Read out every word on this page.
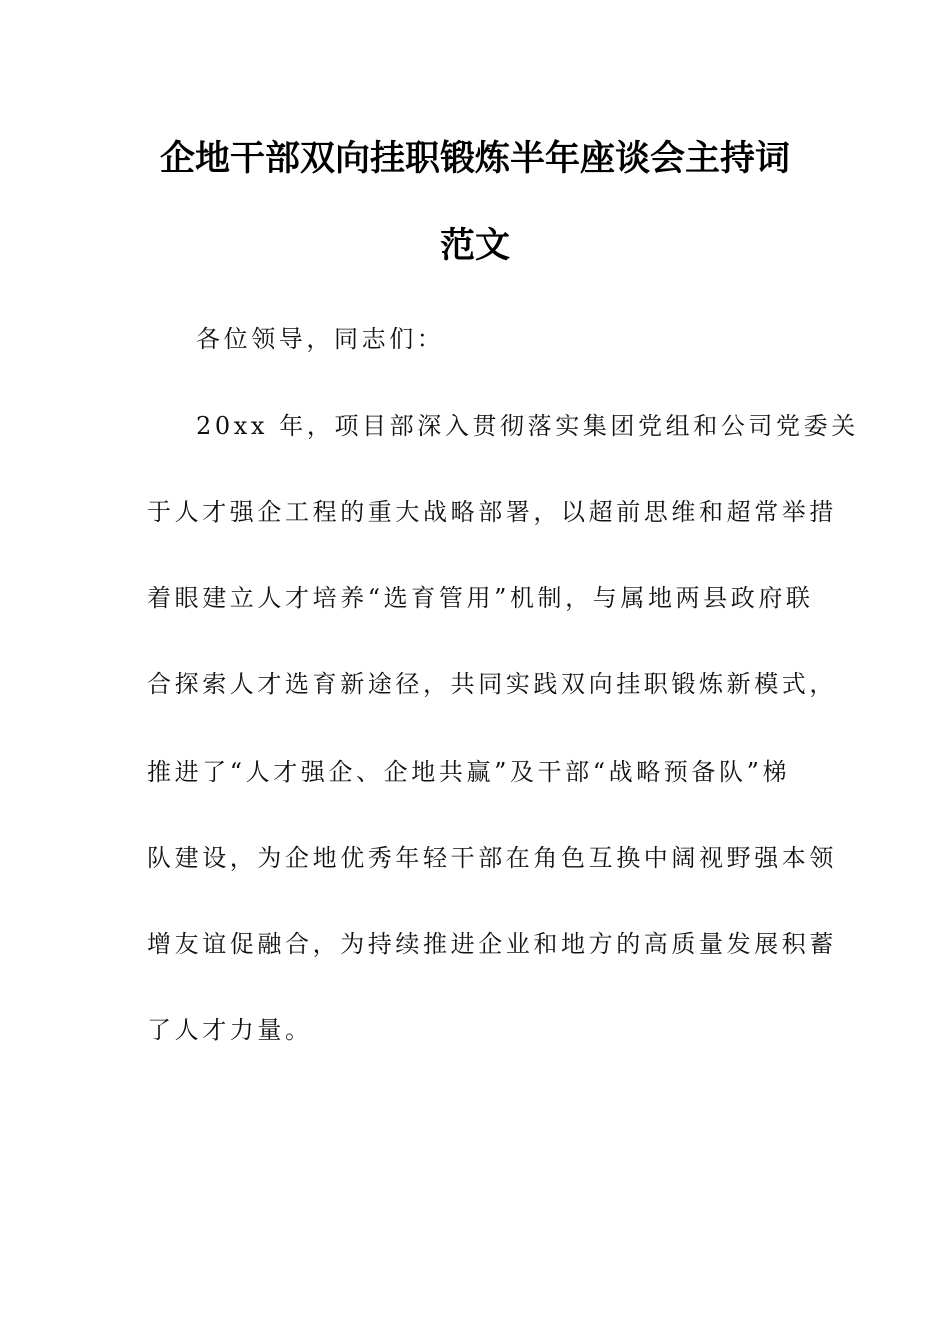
企地干部双向挂职锻炼半年座谈会主持词
范文
各位领导，同志们：
20xx 年，项目部深入贯彻落实集团党组和公司党委关
于人才强企工程的重大战略部署，以超前思维和超常举措
着眼建立人才培养“选育管用”机制，与属地两县政府联
合探索人才选育新途径，共同实践双向挂职锻炼新模式，
推进了“人才强企、企地共赢”及干部“战略预备队”梯
队建设，为企地优秀年轻干部在角色互换中阔视野强本领
增友谊促融合，为持续推进企业和地方的高质量发展积蓄
了人才力量。
